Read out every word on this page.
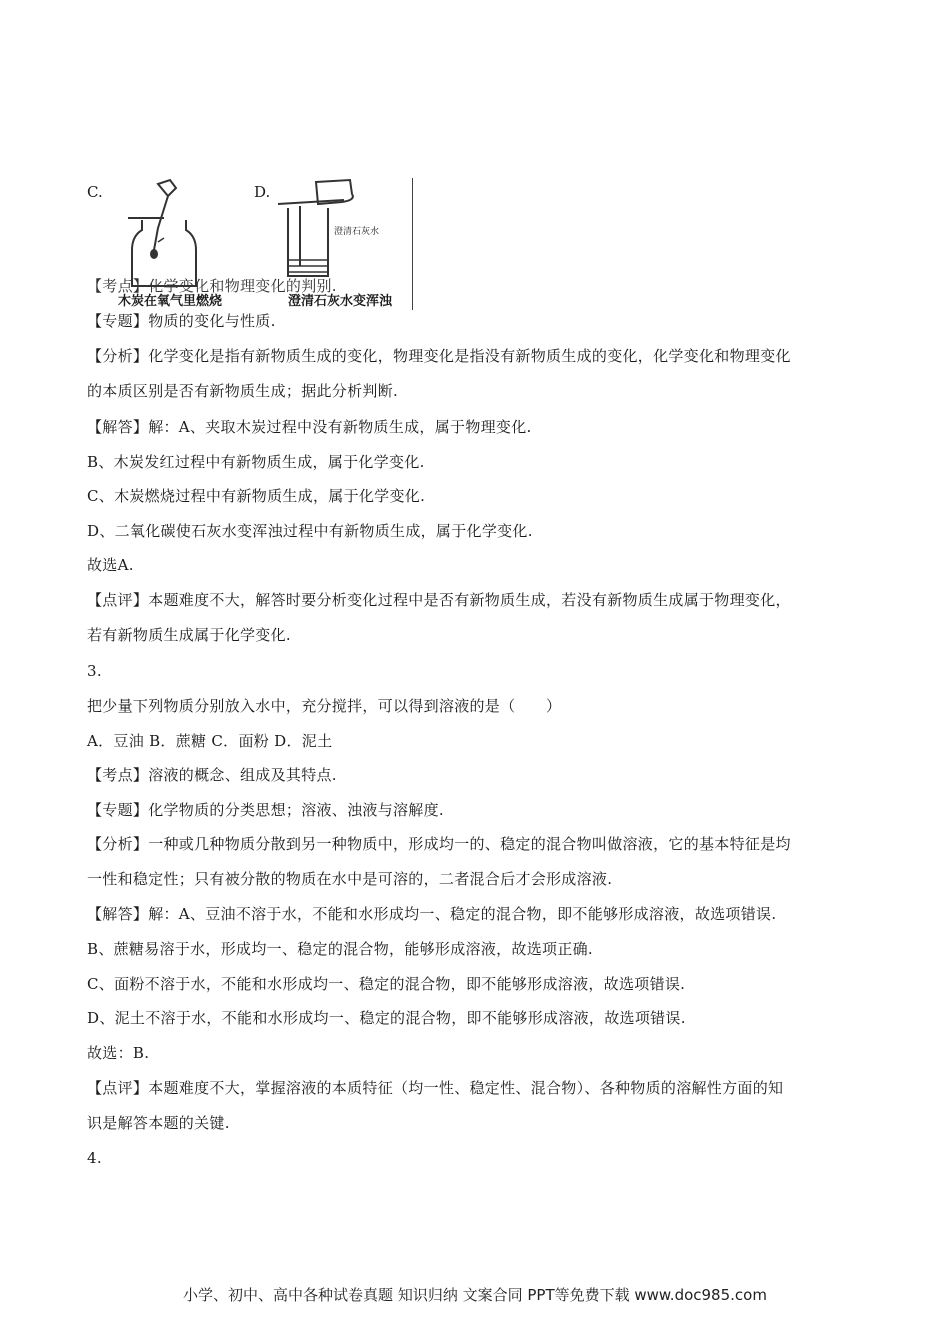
C.
木炭在氧气里燃烧
D.
澄清石灰水
澄清石灰水变浑浊
【考点】化学变化和物理变化的判别.
【专题】物质的变化与性质.
【分析】化学变化是指有新物质生成的变化，物理变化是指没有新物质生成的变化，化学变化和物理变化
的本质区别是否有新物质生成；据此分析判断.
【解答】解：A、夹取木炭过程中没有新物质生成，属于物理变化.
B、木炭发红过程中有新物质生成，属于化学变化.
C、木炭燃烧过程中有新物质生成，属于化学变化.
D、二氧化碳使石灰水变浑浊过程中有新物质生成，属于化学变化.
故选A.
【点评】本题难度不大，解答时要分析变化过程中是否有新物质生成，若没有新物质生成属于物理变化，
若有新物质生成属于化学变化.
3.
把少量下列物质分别放入水中，充分搅拌，可以得到溶液的是（　　）
A．豆油 B．蔗糖 C．面粉 D．泥土
【考点】溶液的概念、组成及其特点.
【专题】化学物质的分类思想；溶液、浊液与溶解度.
【分析】一种或几种物质分散到另一种物质中，形成均一的、稳定的混合物叫做溶液，它的基本特征是均
一性和稳定性；只有被分散的物质在水中是可溶的，二者混合后才会形成溶液.
【解答】解：A、豆油不溶于水，不能和水形成均一、稳定的混合物，即不能够形成溶液，故选项错误.
B、蔗糖易溶于水，形成均一、稳定的混合物，能够形成溶液，故选项正确.
C、面粉不溶于水，不能和水形成均一、稳定的混合物，即不能够形成溶液，故选项错误.
D、泥土不溶于水，不能和水形成均一、稳定的混合物，即不能够形成溶液，故选项错误.
故选：B.
【点评】本题难度不大，掌握溶液的本质特征（均一性、稳定性、混合物）、各种物质的溶解性方面的知
识是解答本题的关键.
4.
小学、初中、高中各种试卷真题 知识归纳 文案合同 PPT等免费下载 www.doc985.com
